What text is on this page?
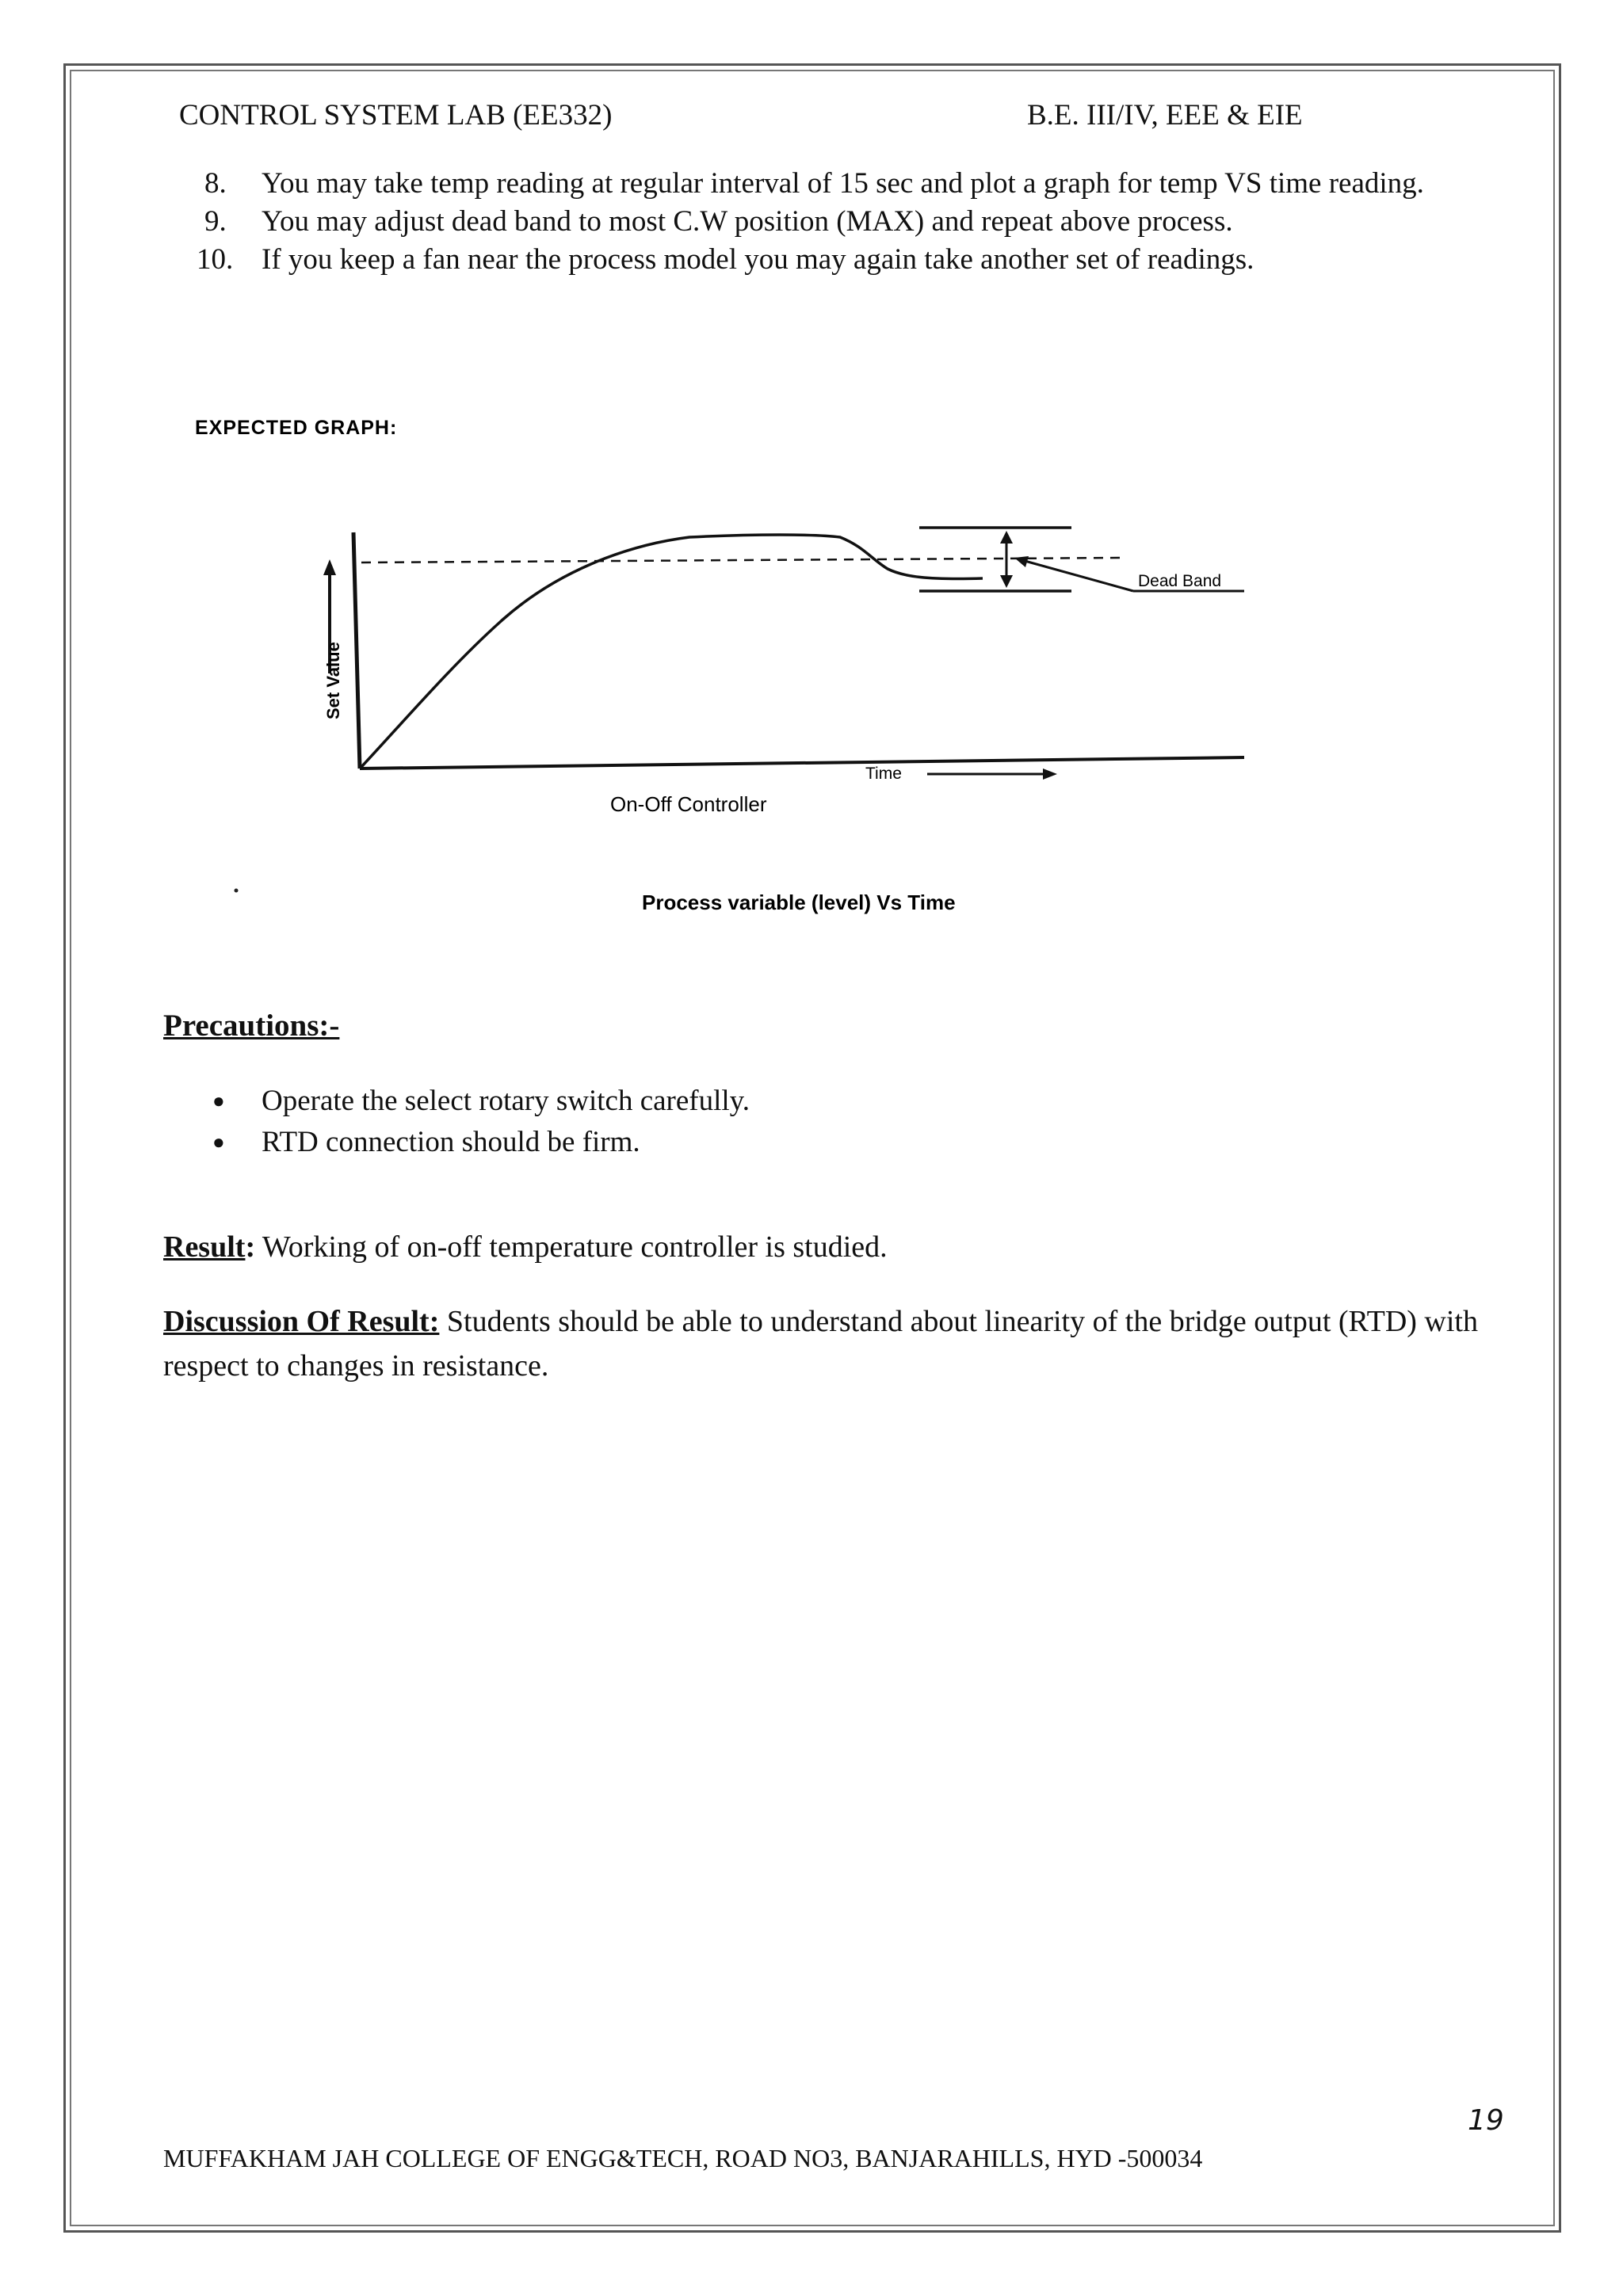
CONTROL SYSTEM LAB (EE332)	B.E. III/IV, EEE & EIE
8.	You may take temp reading at regular interval of 15 sec and plot a graph for temp VS time reading.
9.	You may adjust dead band to most C.W position (MAX) and repeat above process.
10. If you keep a fan near the process model you may again take another set of readings.
EXPECTED GRAPH:
Set Value
Dead Band
Time
On-Off Controller
Process variable (level) Vs Time
Precautions:-
● Operate the select rotary switch carefully.
● RTD connection should be firm.
Result: Working of on-off temperature controller is studied.
Discussion Of Result: Students should be able to understand about linearity of the bridge output (RTD) with respect to changes in resistance.
19
MUFFAKHAM JAH COLLEGE OF ENGG&TECH, ROAD NO3, BANJARAHILLS, HYD -500034
